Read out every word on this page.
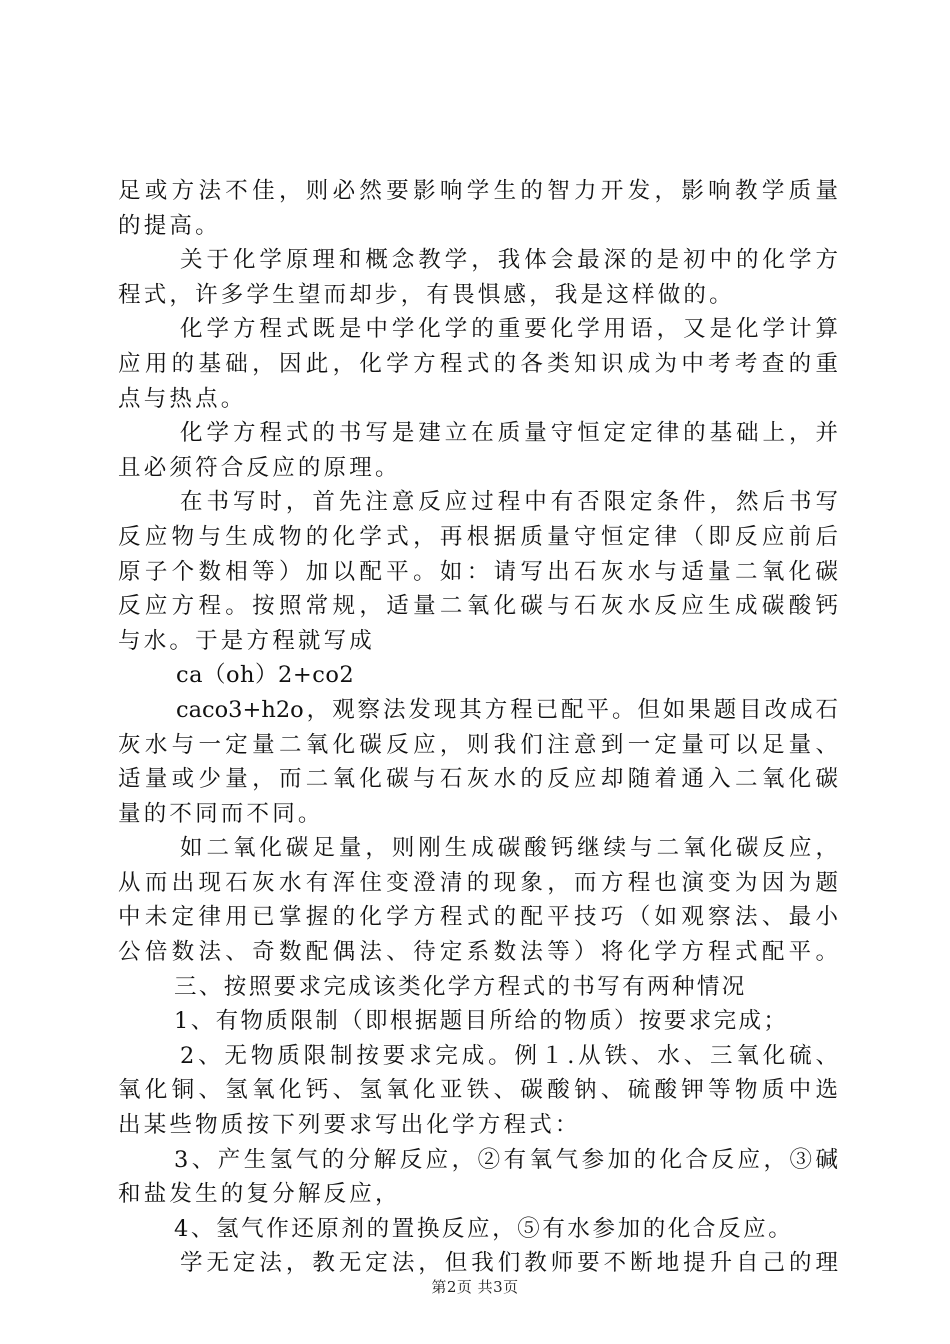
足或方法不佳，则必然要影响学生的智力开发，影响教学质量

的提高。

关于化学原理和概念教学，我体会最深的是初中的化学方

程式，许多学生望而却步，有畏惧感，我是这样做的。

化学方程式既是中学化学的重要化学用语，又是化学计算

应用的基础，因此，化学方程式的各类知识成为中考考查的重

点与热点。

化学方程式的书写是建立在质量守恒定定律的基础上，并

且必须符合反应的原理。

在书写时，首先注意反应过程中有否限定条件，然后书写

反应物与生成物的化学式，再根据质量守恒定律（即反应前后

原子个数相等）加以配平。如：请写出石灰水与适量二氧化碳

反应方程。按照常规，适量二氧化碳与石灰水反应生成碳酸钙

与水。于是方程就写成

ca（oh）2+co2

caco3+h2o，观察法发现其方程已配平。但如果题目改成石

灰水与一定量二氧化碳反应，则我们注意到一定量可以足量、

适量或少量，而二氧化碳与石灰水的反应却随着通入二氧化碳

量的不同而不同。

如二氧化碳足量，则刚生成碳酸钙继续与二氧化碳反应，

从而出现石灰水有浑住变澄清的现象，而方程也演变为因为题

中未定律用已掌握的化学方程式的配平技巧（如观察法、最小

公倍数法、奇数配偶法、待定系数法等）将化学方程式配平。

三、按照要求完成该类化学方程式的书写有两种情况

1、有物质限制（即根据题目所给的物质）按要求完成；

2、无物质限制按要求完成。例１.从铁、水、三氧化硫、

氧化铜、氢氧化钙、氢氧化亚铁、碳酸钠、硫酸钾等物质中选

出某些物质按下列要求写出化学方程式：

3、产生氢气的分解反应，②有氧气参加的化合反应，③碱

和盐发生的复分解反应，

4、氢气作还原剂的置换反应，⑤有水参加的化合反应。

学无定法，教无定法，但我们教师要不断地提升自己的理

第2页 共3页
